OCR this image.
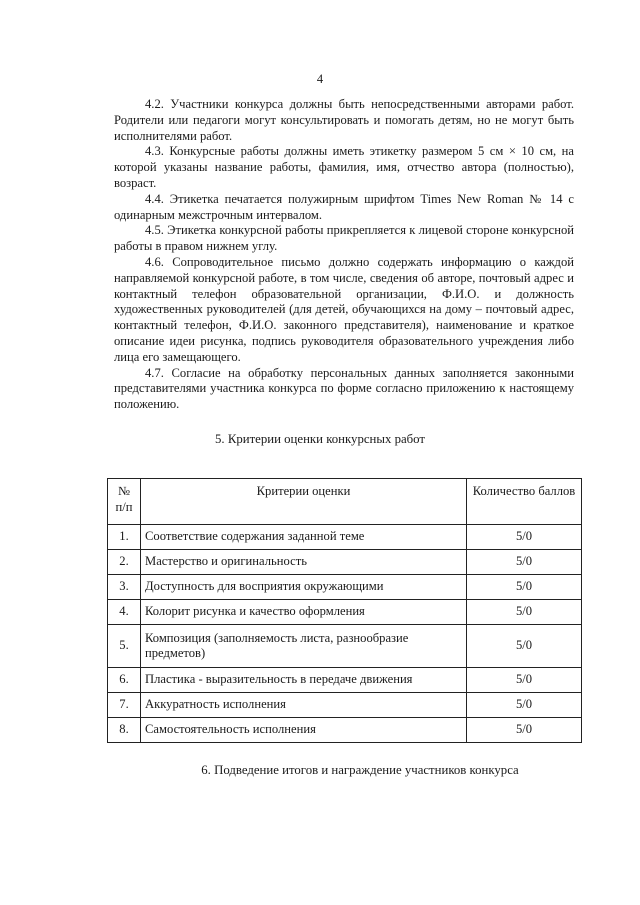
4

4.2. Участники конкурса должны быть непосредственными авторами работ. Родители или педагоги могут консультировать и помогать детям, но не могут быть исполнителями работ.

4.3. Конкурсные работы должны иметь этикетку размером 5 см × 10 см, на которой указаны название работы, фамилия, имя, отчество автора (полностью), возраст.

4.4. Этикетка печатается полужирным шрифтом Times New Roman № 14 с одинарным межстрочным интервалом.

4.5. Этикетка конкурсной работы прикрепляется к лицевой стороне конкурсной работы в правом нижнем углу.

4.6. Сопроводительное письмо должно содержать информацию о каждой направляемой конкурсной работе, в том числе, сведения об авторе, почтовый адрес и контактный телефон образовательной организации, Ф.И.О. и должность художественных руководителей (для детей, обучающихся на дому – почтовый адрес, контактный телефон, Ф.И.О. законного представителя), наименование и краткое описание идеи рисунка, подпись руководителя образовательного учреждения либо лица его замещающего.

4.7. Согласие на обработку персональных данных заполняется законными представителями участника конкурса по форме согласно приложению к настоящему положению.

5. Критерии оценки конкурсных работ
№ п/п	Критерии оценки	Количество баллов
1.	Соответствие содержания заданной теме	5/0
2.	Мастерство и оригинальность	5/0
3.	Доступность для восприятия окружающими	5/0
4.	Колорит рисунка и качество оформления	5/0
5.	Композиция (заполняемость листа, разнообразие предметов)	5/0
6.	Пластика - выразительность в передаче движения	5/0
7.	Аккуратность исполнения	5/0
8.	Самостоятельность исполнения	5/0
6. Подведение итогов и награждение участников конкурса
